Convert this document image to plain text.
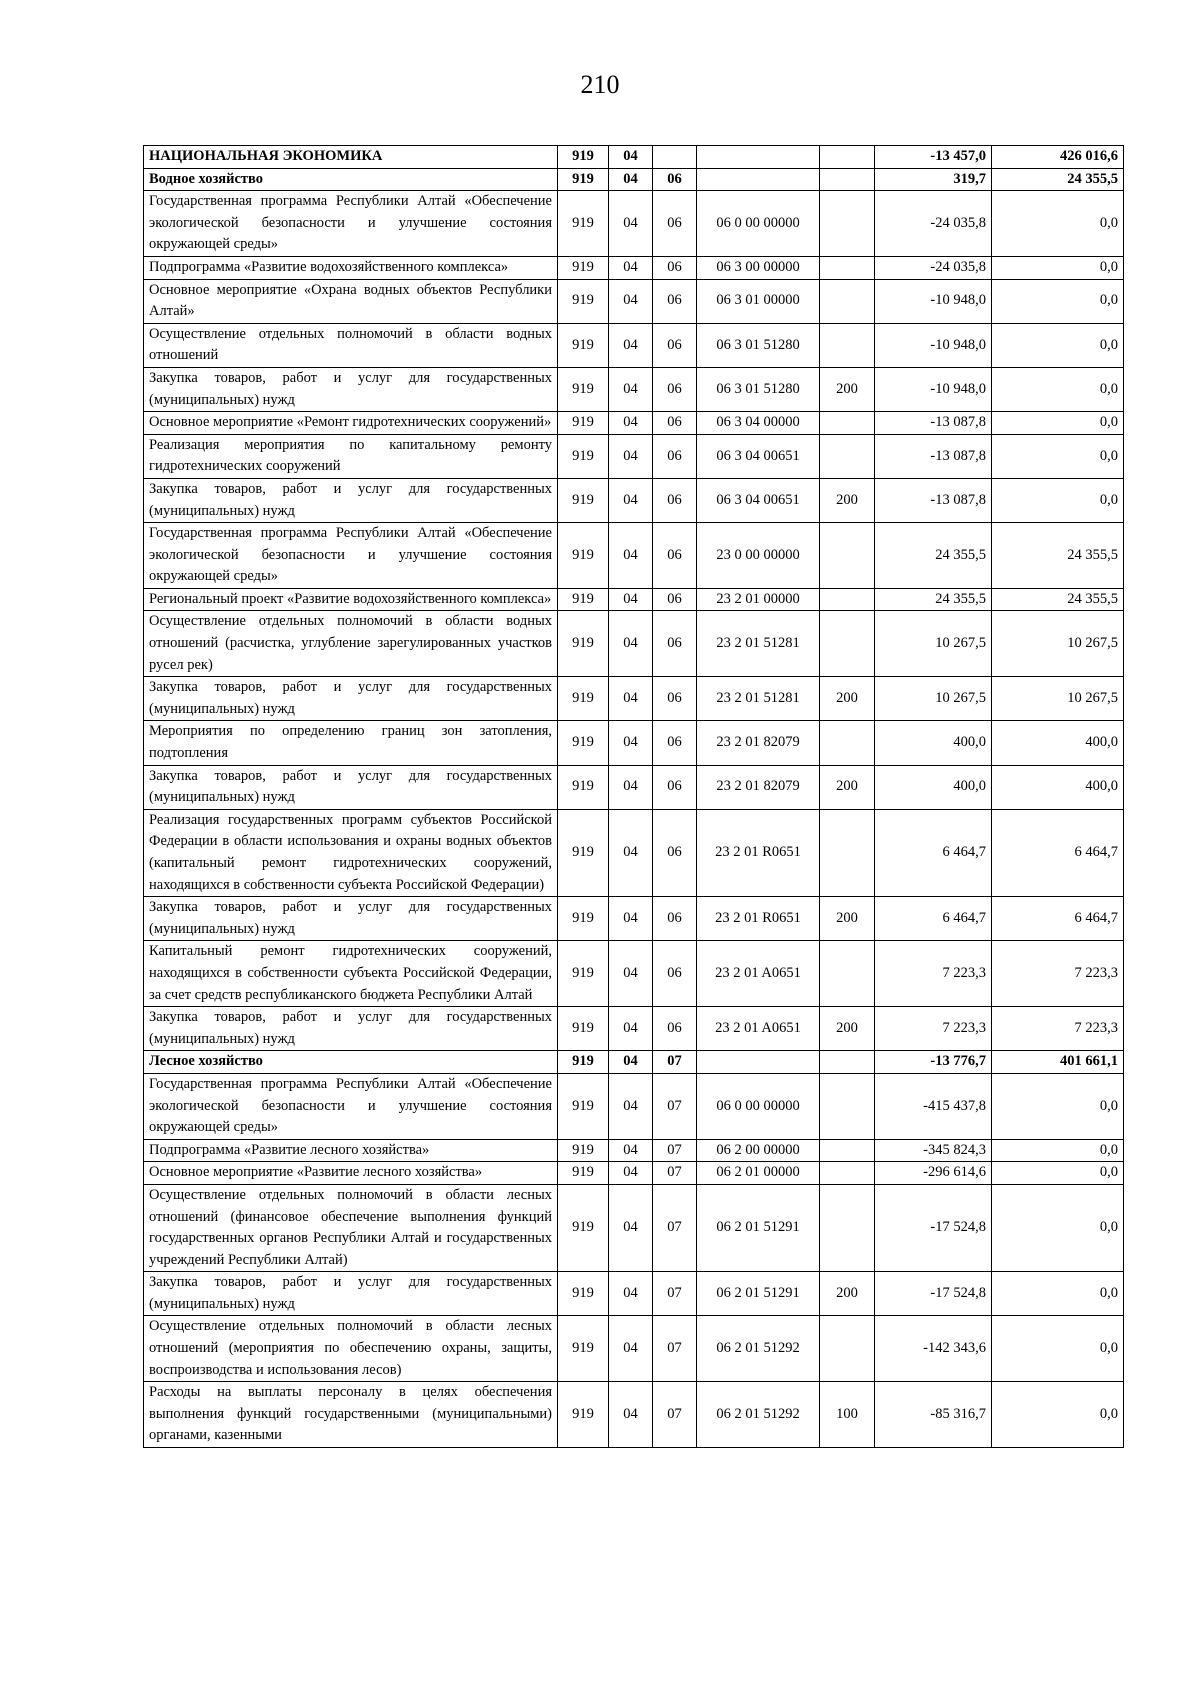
210
НАЦИОНАЛЬНАЯ ЭКОНОМИКА	919	04				-13 457,0	426 016,6
Водное хозяйство	919	04	06			319,7	24 355,5
Государственная программа Республики Алтай «Обеспечение экологической безопасности и улучшение состояния окружающей среды»	919	04	06	06 0 00 00000		-24 035,8	0,0
Подпрограмма «Развитие водохозяйственного комплекса»	919	04	06	06 3 00 00000		-24 035,8	0,0
Основное мероприятие «Охрана водных объектов Республики Алтай»	919	04	06	06 3 01 00000		-10 948,0	0,0
Осуществление отдельных полномочий в области водных отношений	919	04	06	06 3 01 51280		-10 948,0	0,0
Закупка товаров, работ и услуг для государственных (муниципальных) нужд	919	04	06	06 3 01 51280	200	-10 948,0	0,0
Основное мероприятие «Ремонт гидротехнических сооружений»	919	04	06	06 3 04 00000		-13 087,8	0,0
Реализация мероприятия по капитальному ремонту гидротехнических сооружений	919	04	06	06 3 04 00651		-13 087,8	0,0
Закупка товаров, работ и услуг для государственных (муниципальных) нужд	919	04	06	06 3 04 00651	200	-13 087,8	0,0
Государственная программа Республики Алтай «Обеспечение экологической безопасности и улучшение состояния окружающей среды»	919	04	06	23 0 00 00000		24 355,5	24 355,5
Региональный проект «Развитие водохозяйственного комплекса»	919	04	06	23 2 01 00000		24 355,5	24 355,5
Осуществление отдельных полномочий в области водных отношений (расчистка, углубление зарегулированных участков русел рек)	919	04	06	23 2 01 51281		10 267,5	10 267,5
Закупка товаров, работ и услуг для государственных (муниципальных) нужд	919	04	06	23 2 01 51281	200	10 267,5	10 267,5
Мероприятия по определению границ зон затопления, подтопления	919	04	06	23 2 01 82079		400,0	400,0
Закупка товаров, работ и услуг для государственных (муниципальных) нужд	919	04	06	23 2 01 82079	200	400,0	400,0
Реализация государственных программ субъектов Российской Федерации в области использования и охраны водных объектов (капитальный ремонт гидротехнических сооружений, находящихся в собственности субъекта Российской Федерации)	919	04	06	23 2 01 R0651		6 464,7	6 464,7
Закупка товаров, работ и услуг для государственных (муниципальных) нужд	919	04	06	23 2 01 R0651	200	6 464,7	6 464,7
Капитальный ремонт гидротехнических сооружений, находящихся в собственности субъекта Российской Федерации, за счет средств республиканского бюджета Республики Алтай	919	04	06	23 2 01 A0651		7 223,3	7 223,3
Закупка товаров, работ и услуг для государственных (муниципальных) нужд	919	04	06	23 2 01 A0651	200	7 223,3	7 223,3
Лесное хозяйство	919	04	07			-13 776,7	401 661,1
Государственная программа Республики Алтай «Обеспечение экологической безопасности и улучшение состояния окружающей среды»	919	04	07	06 0 00 00000		-415 437,8	0,0
Подпрограмма «Развитие лесного хозяйства»	919	04	07	06 2 00 00000		-345 824,3	0,0
Основное мероприятие «Развитие лесного хозяйства»	919	04	07	06 2 01 00000		-296 614,6	0,0
Осуществление отдельных полномочий в области лесных отношений (финансовое обеспечение выполнения функций государственных органов Республики Алтай и государственных учреждений Республики Алтай)	919	04	07	06 2 01 51291		-17 524,8	0,0
Закупка товаров, работ и услуг для государственных (муниципальных) нужд	919	04	07	06 2 01 51291	200	-17 524,8	0,0
Осуществление отдельных полномочий в области лесных отношений (мероприятия по обеспечению охраны, защиты, воспроизводства и использования лесов)	919	04	07	06 2 01 51292		-142 343,6	0,0
Расходы на выплаты персоналу в целях обеспечения выполнения функций государственными (муниципальными) органами, казенными	919	04	07	06 2 01 51292	100	-85 316,7	0,0
